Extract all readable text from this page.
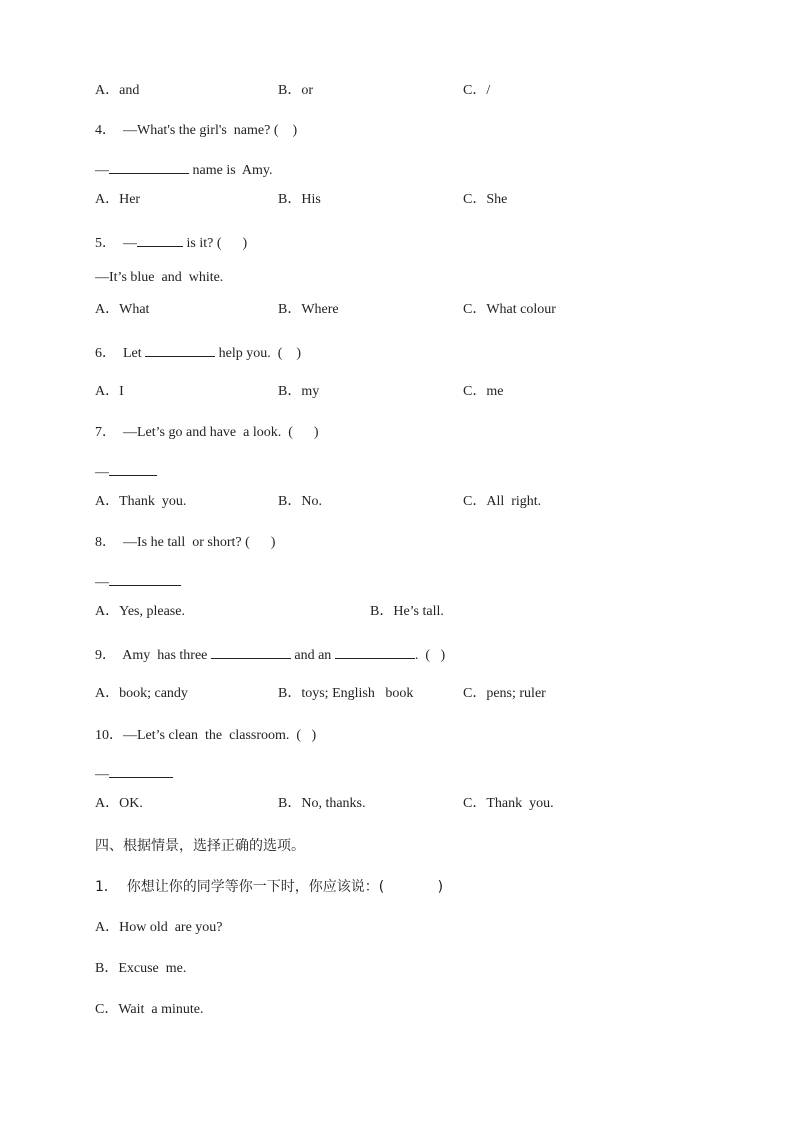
A．and	B．or	C．/
4．  —What's the girl's  name? (    )
—	name is  Amy.
A．Her	B．His	C．She
5．  —	is it? (      )
—It’s blue  and  white.
A．What	B．Where	C．What colour
6．  Let	help you.  (    )
A．I	B．my	C．me
7．  —Let’s go and have  a look.  (      )
—
A．Thank  you.	B．No.	C．All  right.
8．  —Is he tall  or short? (      )
—
A．Yes, please.	B．He’s tall.
9．  Amy  has three	and an	.  (   )
A．book; candy	B．toys; English   book	C．pens; ruler
10．—Let’s clean  the  classroom.  (   )
—
A．OK.	B．No, thanks.	C．Thank  you.
四、根据情景，选择正确的选项。
1．  你想让你的同学等你一下时，你应该说：(            )
A．How old  are you?
B．Excuse  me.
C．Wait  a minute.
